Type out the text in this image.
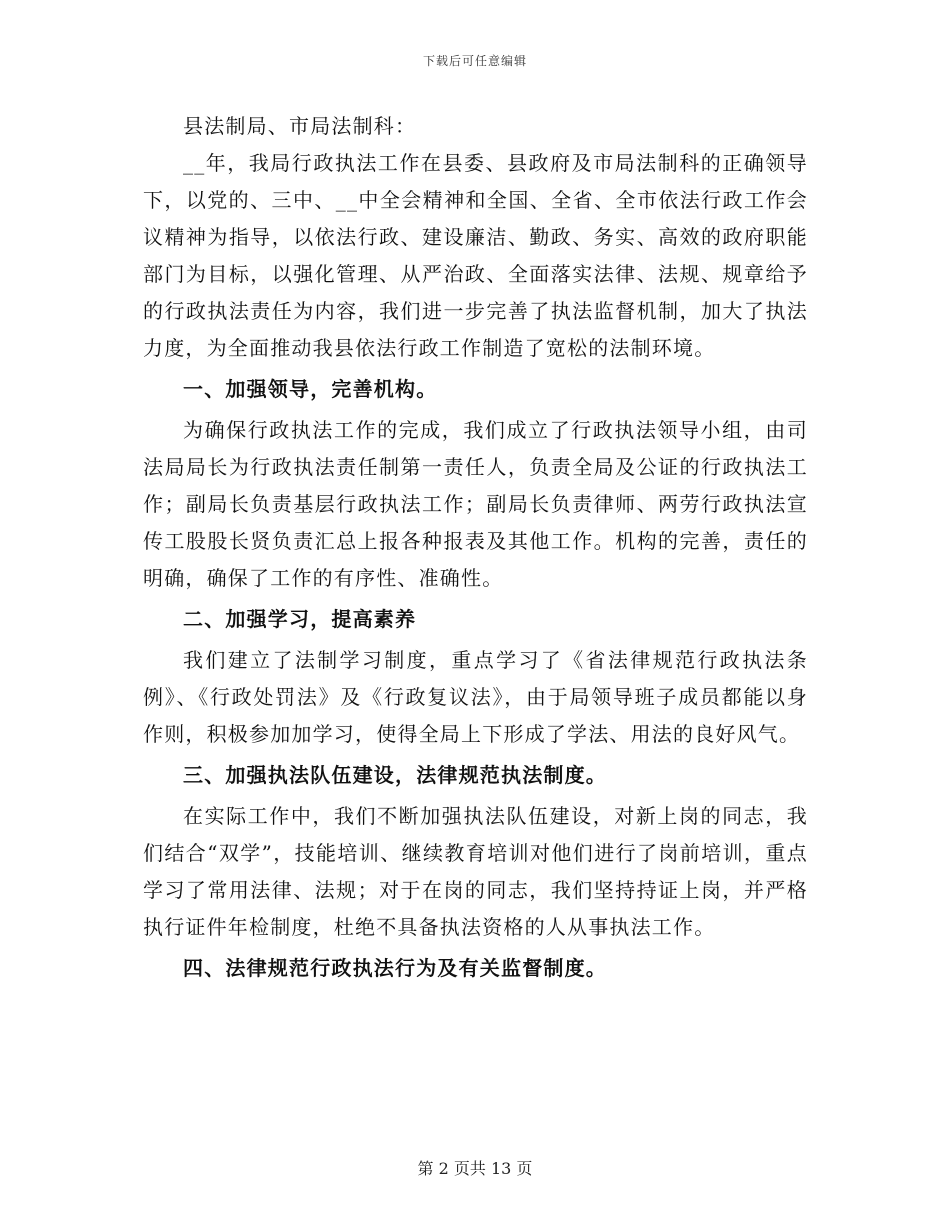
下载后可任意编辑

县法制局、市局法制科：

__年，我局行政执法工作在县委、县政府及市局法制科的正确领导下，以党的、三中、__中全会精神和全国、全省、全市依法行政工作会议精神为指导，以依法行政、建设廉洁、勤政、务实、高效的政府职能部门为目标，以强化管理、从严治政、全面落实法律、法规、规章给予的行政执法责任为内容，我们进一步完善了执法监督机制，加大了执法力度，为全面推动我县依法行政工作制造了宽松的法制环境。

一、加强领导，完善机构。

为确保行政执法工作的完成，我们成立了行政执法领导小组，由司法局局长为行政执法责任制第一责任人，负责全局及公证的行政执法工作；副局长负责基层行政执法工作；副局长负责律师、两劳行政执法宣传工股股长贤负责汇总上报各种报表及其他工作。机构的完善，责任的明确，确保了工作的有序性、准确性。

二、加强学习，提高素养

我们建立了法制学习制度，重点学习了《省法律规范行政执法条例》、《行政处罚法》及《行政复议法》，由于局领导班子成员都能以身作则，积极参加加学习，使得全局上下形成了学法、用法的良好风气。

三、加强执法队伍建设，法律规范执法制度。

在实际工作中，我们不断加强执法队伍建设，对新上岗的同志，我们结合“双学”，技能培训、继续教育培训对他们进行了岗前培训，重点学习了常用法律、法规；对于在岗的同志，我们坚持持证上岗，并严格执行证件年检制度，杜绝不具备执法资格的人从事执法工作。

四、法律规范行政执法行为及有关监督制度。

第 2 页共 13 页
